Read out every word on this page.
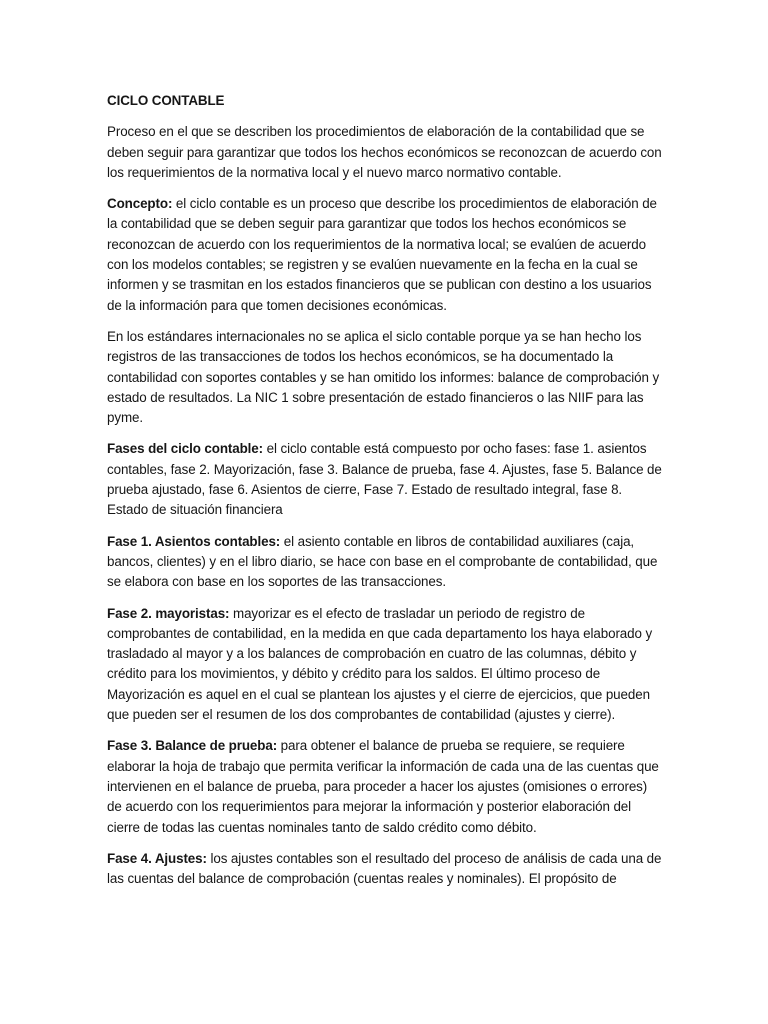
CICLO CONTABLE

Proceso en el que se describen los procedimientos de elaboración de la contabilidad que se deben seguir para garantizar que todos los hechos económicos se reconozcan de acuerdo con los requerimientos de la normativa local y el nuevo marco normativo contable.

Concepto: el ciclo contable es un proceso que describe los procedimientos de elaboración de la contabilidad que se deben seguir para garantizar que todos los hechos económicos se reconozcan de acuerdo con los requerimientos de la normativa local; se evalúen de acuerdo con los modelos contables; se registren y se evalúen nuevamente en la fecha en la cual se informen y se trasmitan en los estados financieros que se publican con destino a los usuarios de la información para que tomen decisiones económicas.

En los estándares internacionales no se aplica el siclo contable porque ya se han hecho los registros de las transacciones de todos los hechos económicos, se ha documentado la contabilidad con soportes contables y se han omitido los informes: balance de comprobación y estado de resultados. La NIC 1 sobre presentación de estado financieros o las NIIF para las pyme.

Fases del ciclo contable: el ciclo contable está compuesto por ocho fases: fase 1. asientos contables, fase 2. Mayorización, fase 3. Balance de prueba, fase 4. Ajustes, fase 5. Balance de prueba ajustado, fase 6. Asientos de cierre, Fase 7. Estado de resultado integral, fase 8. Estado de situación financiera

Fase 1. Asientos contables: el asiento contable en libros de contabilidad auxiliares (caja, bancos, clientes) y en el libro diario, se hace con base en el comprobante de contabilidad, que se elabora con base en los soportes de las transacciones.

Fase 2. mayoristas: mayorizar es el efecto de trasladar un periodo de registro de comprobantes de contabilidad, en la medida en que cada departamento los haya elaborado y trasladado al mayor y a los balances de comprobación en cuatro de las columnas, débito y crédito para los movimientos, y débito y crédito para los saldos. El último proceso de Mayorización es aquel en el cual se plantean los ajustes y el cierre de ejercicios, que pueden que pueden ser el resumen de los dos comprobantes de contabilidad (ajustes y cierre).

Fase 3. Balance de prueba: para obtener el balance de prueba se requiere, se requiere elaborar la hoja de trabajo que permita verificar la información de cada una de las cuentas que intervienen en el balance de prueba, para proceder a hacer los ajustes (omisiones o errores) de acuerdo con los requerimientos para mejorar la información y posterior elaboración del cierre de todas las cuentas nominales tanto de saldo crédito como débito.

Fase 4. Ajustes: los ajustes contables son el resultado del proceso de análisis de cada una de las cuentas del balance de comprobación (cuentas reales y nominales). El propósito de
